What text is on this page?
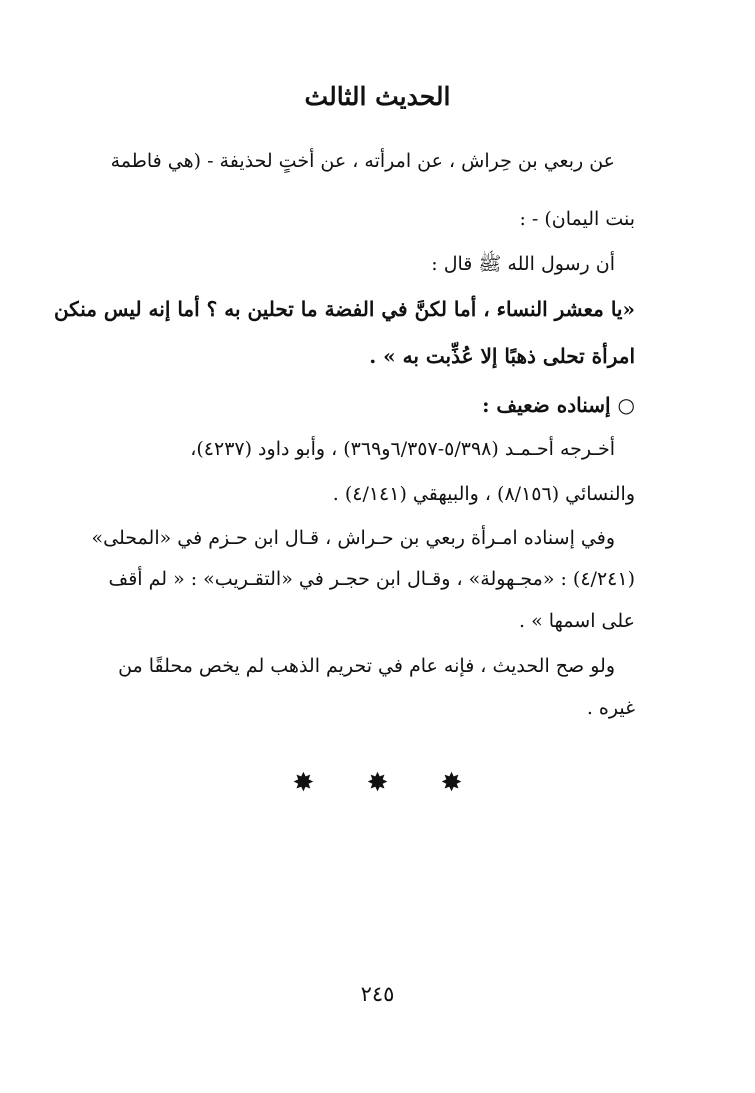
الحديث الثالث
عن ربعي بن حِراش ، عن امرأته ، عن أختٍ لحذيفة - (هي فاطمة
بنت اليمان) - :
أن رسول الله ﷺ قال :
«يا معشر النساء ، أما لكنَّ في الفضة ما تحلين به ؟ أما إنه ليس منكن
امرأة تحلى ذهبًا إلا عُذِّبت به » .
○ إسناده ضعيف :
أخـرجه أحـمـد (٥/٣٩٨-٦/٣٥٧و٣٦٩) ، وأبو داود (٤٢٣٧)،
والنسائي (٨/١٥٦) ، والبيهقي (٤/١٤١) .
وفي إسناده امـرأة ربعي بن حـراش ، قـال ابن حـزم في «المحلى»
(٤/٢٤١) : «مجـهولة» ، وقـال ابن حجـر في «التقـريب» : « لم أقف
على اسمها » .
ولو صح الحديث ، فإنه عام في تحريم الذهب لم يخص محلقًا من
غيره .
✸ ✸ ✸
٢٤٥
